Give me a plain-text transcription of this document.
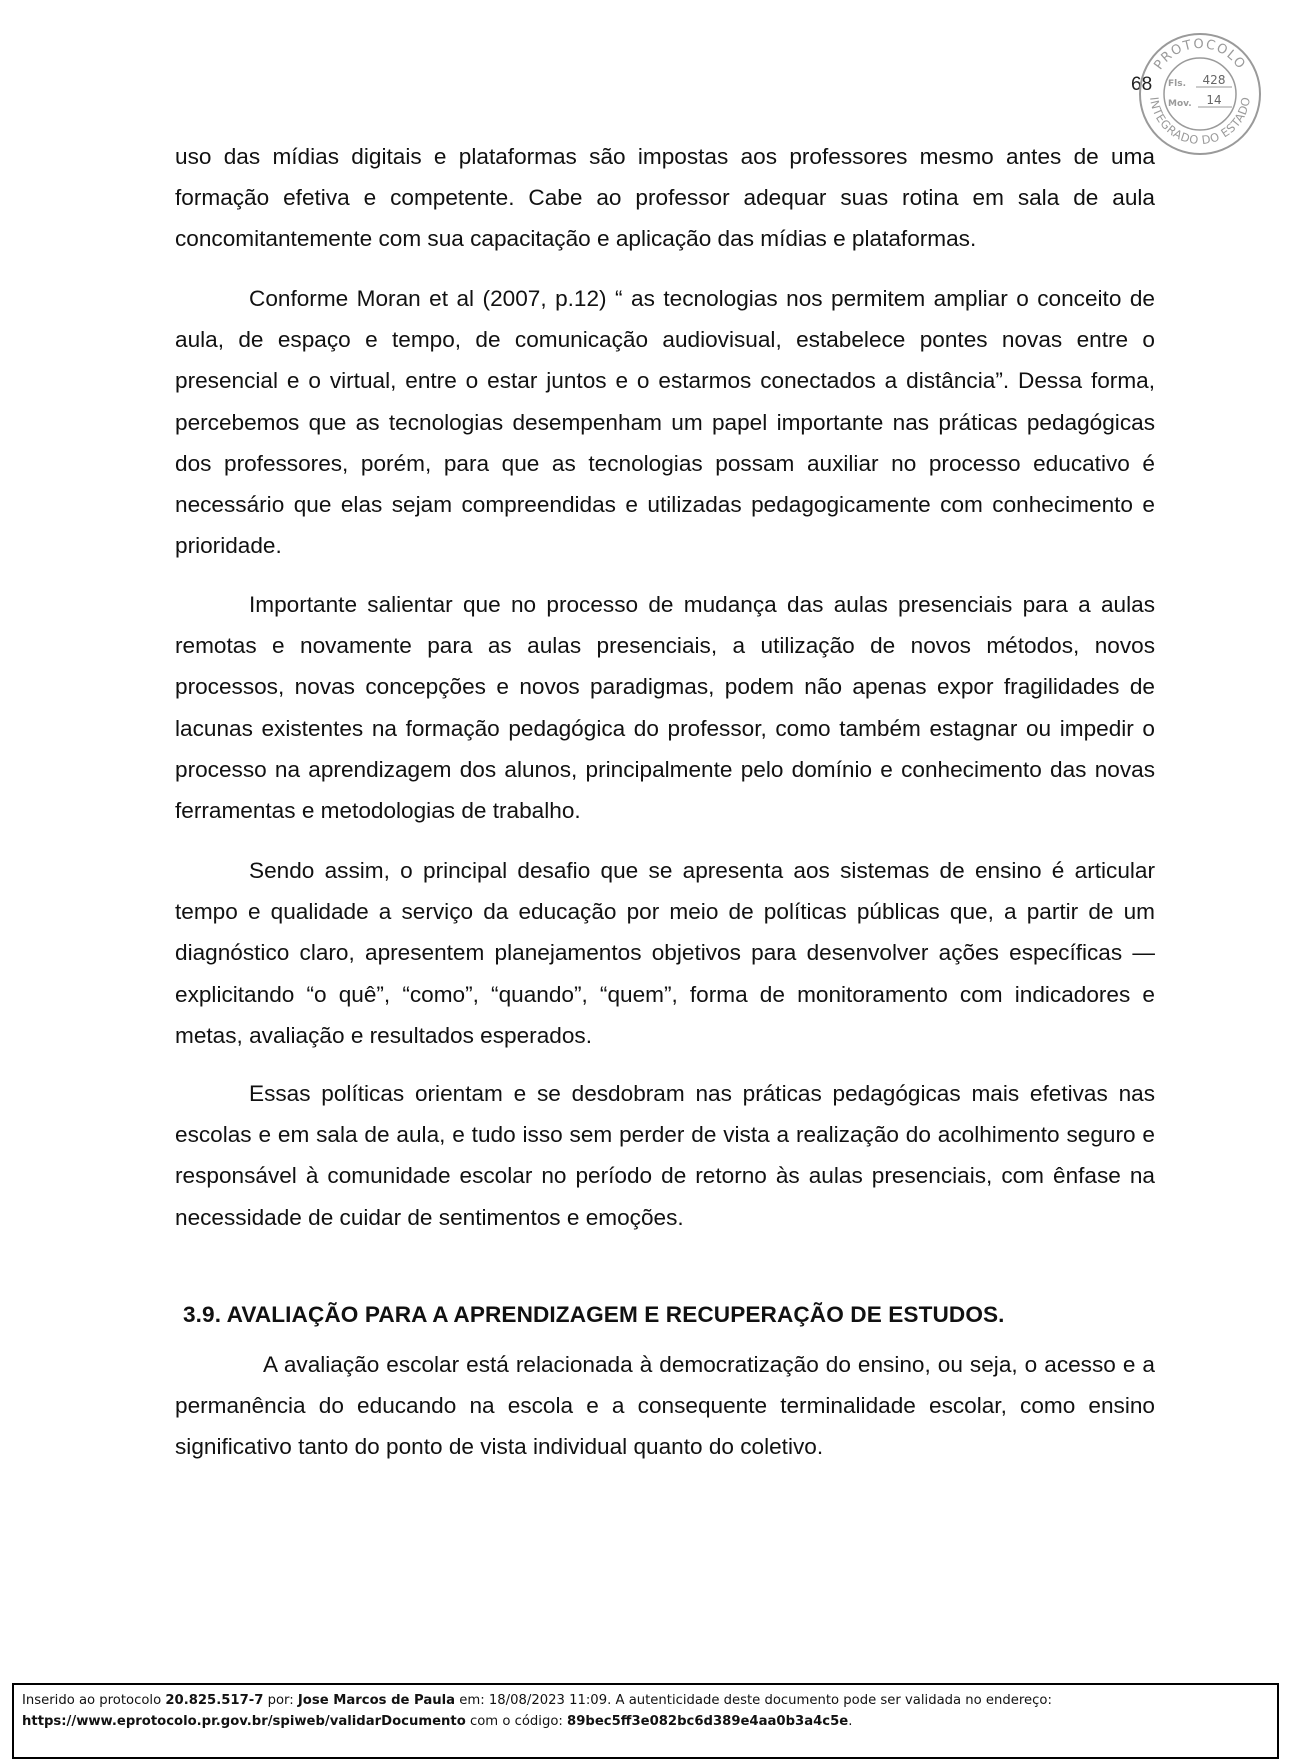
68
PROTOCOLO
INTEGRADO DO ESTADO
Fls. 428
Mov. 14

uso das mídias digitais e plataformas são impostas aos professores mesmo antes de uma formação efetiva e competente. Cabe ao professor adequar suas rotina em sala de aula concomitantemente com sua capacitação e aplicação das mídias e plataformas.

Conforme Moran et al (2007, p.12) “ as tecnologias nos permitem ampliar o conceito de aula, de espaço e tempo, de comunicação audiovisual, estabelece pontes novas entre o presencial e o virtual, entre o estar juntos e o estarmos conectados a distância”. Dessa forma, percebemos que as tecnologias desempenham um papel importante nas práticas pedagógicas dos professores, porém, para que as tecnologias possam auxiliar no processo educativo é necessário que elas sejam compreendidas e utilizadas pedagogicamente com conhecimento e prioridade.

Importante salientar que no processo de mudança das aulas presenciais para a aulas remotas e novamente para as aulas presenciais, a utilização de novos métodos, novos processos, novas concepções e novos paradigmas, podem não apenas expor fragilidades de lacunas existentes na formação pedagógica do professor, como também estagnar ou impedir o processo na aprendizagem dos alunos, principalmente pelo domínio e conhecimento das novas ferramentas e metodologias de trabalho.

Sendo assim, o principal desafio que se apresenta aos sistemas de ensino é articular tempo e qualidade a serviço da educação por meio de políticas públicas que, a partir de um diagnóstico claro, apresentem planejamentos objetivos para desenvolver ações específicas — explicitando “o quê”, “como”, “quando”, “quem”, forma de monitoramento com indicadores e metas, avaliação e resultados esperados.

Essas políticas orientam e se desdobram nas práticas pedagógicas mais efetivas nas escolas e em sala de aula, e tudo isso sem perder de vista a realização do acolhimento seguro e responsável à comunidade escolar no período de retorno às aulas presenciais, com ênfase na necessidade de cuidar de sentimentos e emoções.

3.9. AVALIAÇÃO PARA A APRENDIZAGEM E RECUPERAÇÃO DE ESTUDOS.

A avaliação escolar está relacionada à democratização do ensino, ou seja, o acesso e a permanência do educando na escola e a consequente terminalidade escolar, como ensino significativo tanto do ponto de vista individual quanto do coletivo.

Inserido ao protocolo 20.825.517-7 por: Jose Marcos de Paula em: 18/08/2023 11:09. A autenticidade deste documento pode ser validada no endereço:
https://www.eprotocolo.pr.gov.br/spiweb/validarDocumento com o código: 89bec5ff3e082bc6d389e4aa0b3a4c5e.
